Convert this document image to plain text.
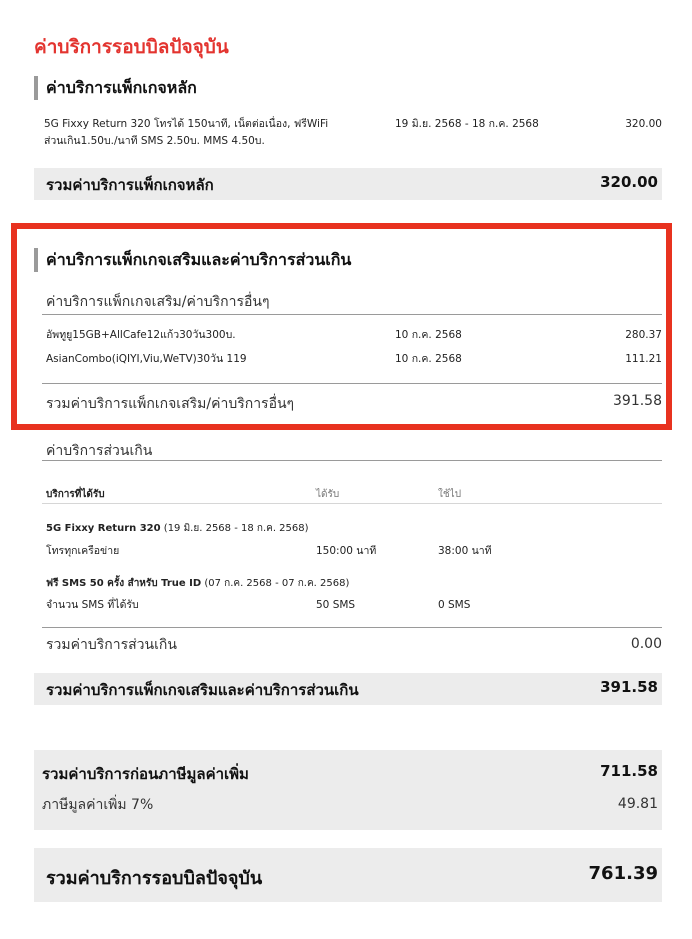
ค่าบริการรอบบิลปัจจุบัน
ค่าบริการแพ็กเกจหลัก
5G Fixxy Return 320 โทรได้ 150นาที, เน็ตต่อเนื่อง, ฟรีWiFi
ส่วนเกิน1.50บ./นาที SMS 2.50บ. MMS 4.50บ.
19 มิ.ย. 2568 - 18 ก.ค. 2568	320.00
รวมค่าบริการแพ็กเกจหลัก	320.00
ค่าบริการแพ็กเกจเสริมและค่าบริการส่วนเกิน
ค่าบริการแพ็กเกจเสริม/ค่าบริการอื่นๆ
อัพทูยู15GB+AllCafe12แก้ว30วัน300บ.	10 ก.ค. 2568	280.37
AsianCombo(iQIYI,Viu,WeTV)30วัน 119	10 ก.ค. 2568	111.21
รวมค่าบริการแพ็กเกจเสริม/ค่าบริการอื่นๆ	391.58
ค่าบริการส่วนเกิน
บริการที่ได้รับ	ได้รับ	ใช้ไป
5G Fixxy Return 320 (19 มิ.ย. 2568 - 18 ก.ค. 2568)
โทรทุกเครือข่าย	150:00 นาที	38:00 นาที
ฟรี SMS 50 ครั้ง สำหรับ True ID (07 ก.ค. 2568 - 07 ก.ค. 2568)
จำนวน SMS ที่ได้รับ	50 SMS	0 SMS
รวมค่าบริการส่วนเกิน	0.00
รวมค่าบริการแพ็กเกจเสริมและค่าบริการส่วนเกิน	391.58
รวมค่าบริการก่อนภาษีมูลค่าเพิ่ม	711.58
ภาษีมูลค่าเพิ่ม 7%	49.81
รวมค่าบริการรอบบิลปัจจุบัน	761.39
